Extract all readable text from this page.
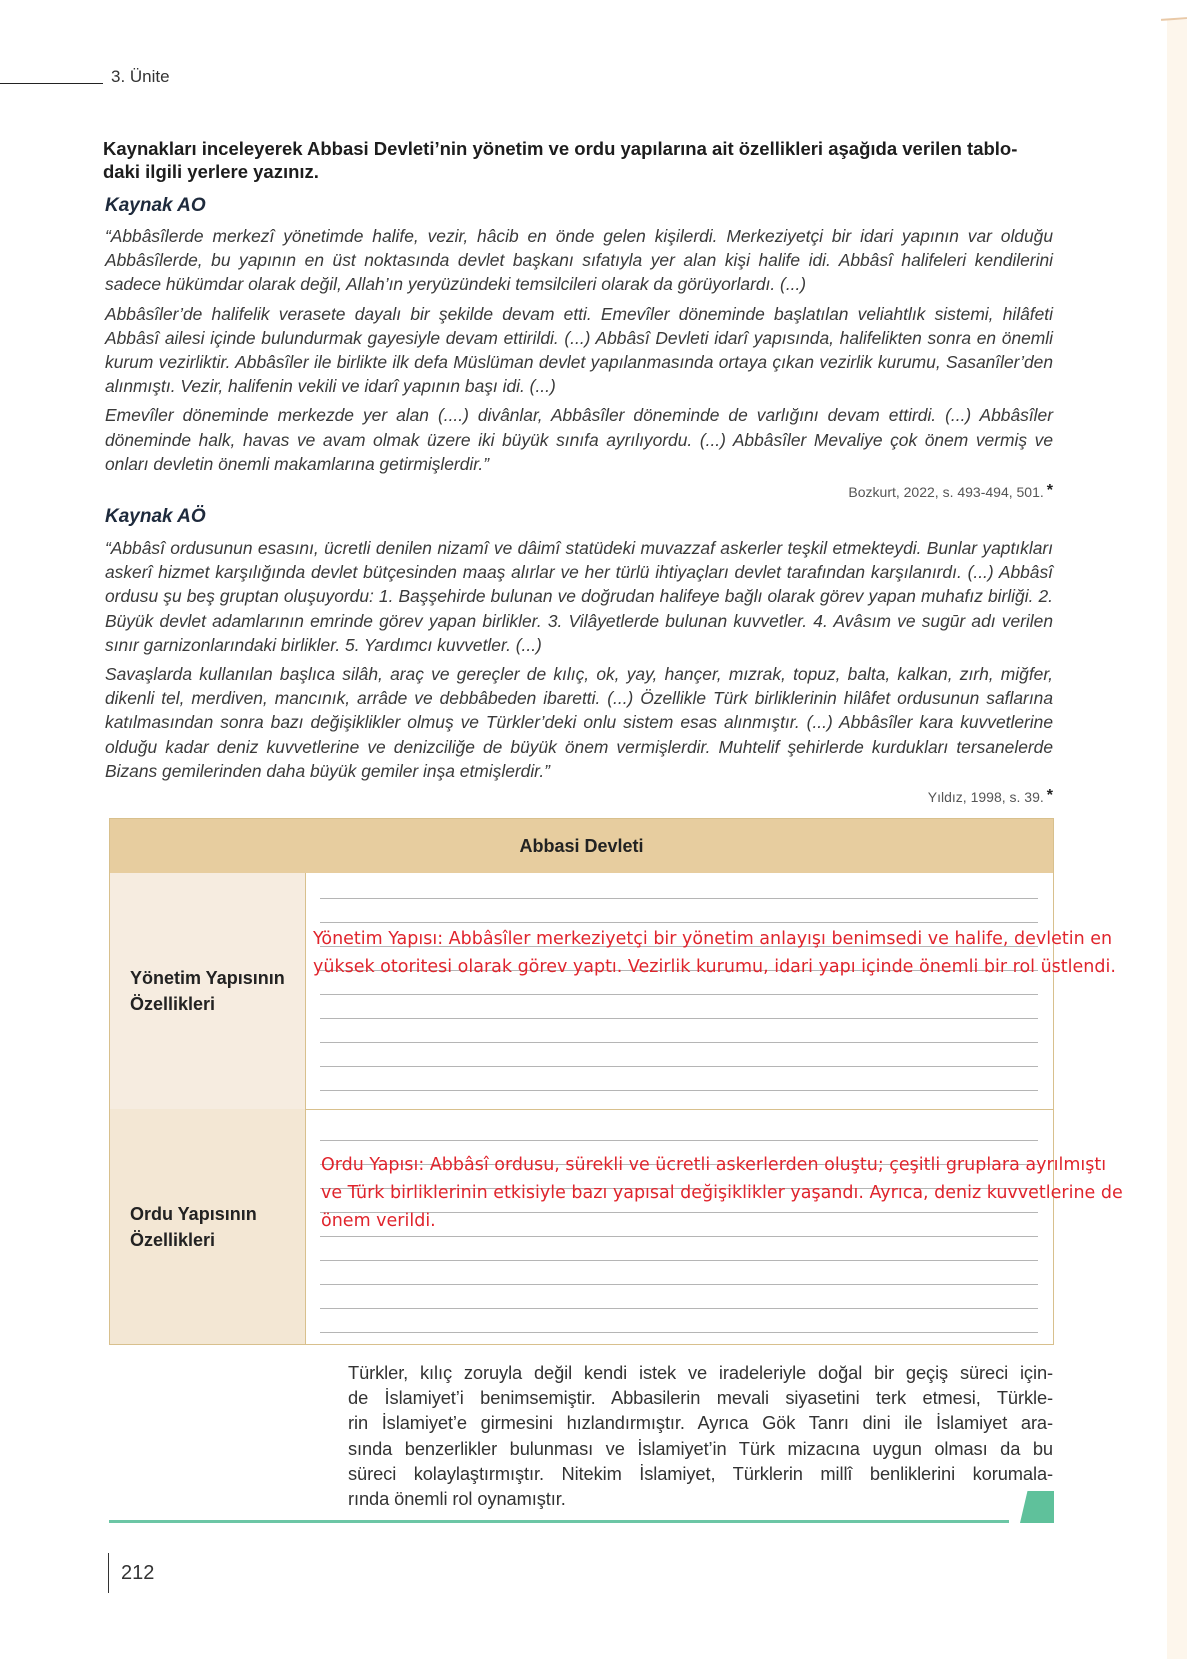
3. Ünite
Kaynakları inceleyerek Abbasi Devleti’nin yönetim ve ordu yapılarına ait özellikleri aşağıda verilen tablo-daki ilgili yerlere yazınız.
Kaynak AO

“Abbâsîlerde merkezî yönetimde halife, vezir, hâcib en önde gelen kişilerdi. Merkeziyetçi bir idari yapının var olduğu Abbâsîlerde, bu yapının en üst noktasında devlet başkanı sıfatıyla yer alan kişi halife idi. Abbâsî halifeleri kendilerini sadece hükümdar olarak değil, Allah’ın yeryüzündeki temsilcileri olarak da görüyorlardı. (...)

Abbâsîler’de halifelik verasete dayalı bir şekilde devam etti. Emevîler döneminde başlatılan veliahtlık sistemi, hilâfeti Abbâsî ailesi içinde bulundurmak gayesiyle devam ettirildi. (...) Abbâsî Devleti idarî yapısında, halifelikten sonra en önemli kurum vezirliktir. Abbâsîler ile birlikte ilk defa Müslüman devlet yapılanmasında ortaya çıkan vezirlik kurumu, Sasanîler’den alınmıştı. Vezir, halifenin vekili ve idarî yapının başı idi. (...)

Emevîler döneminde merkezde yer alan (....) divânlar, Abbâsîler döneminde de varlığını devam ettirdi. (...) Abbâsîler döneminde halk, havas ve avam olmak üzere iki büyük sınıfa ayrılıyordu. (...) Abbâsîler Mevaliye çok önem vermiş ve onları devletin önemli makamlarına getirmişlerdir.”

Bozkurt, 2022, s. 493-494, 501. *
Kaynak AÖ

“Abbâsî ordusunun esasını, ücretli denilen nizamî ve dâimî statüdeki muvazzaf askerler teşkil etmekteydi. Bunlar yaptıkları askerî hizmet karşılığında devlet bütçesinden maaş alırlar ve her türlü ihtiyaçları devlet tarafından karşılanırdı. (...) Abbâsî ordusu şu beş gruptan oluşuyordu: 1. Başşehirde bulunan ve doğrudan halifeye bağlı olarak görev yapan muhafız birliği. 2. Büyük devlet adamlarının emrinde görev yapan birlikler. 3. Vilâyetlerde bulunan kuvvetler. 4. Avâsım ve sugūr adı verilen sınır garnizonlarındaki birlikler. 5. Yardımcı kuvvetler. (...)

Savaşlarda kullanılan başlıca silâh, araç ve gereçler de kılıç, ok, yay, hançer, mızrak, topuz, balta, kalkan, zırh, miğfer, dikenli tel, merdiven, mancınık, arrâde ve debbâbeden ibaretti. (...) Özellikle Türk birliklerinin hilâfet ordusunun saflarına katılmasından sonra bazı değişiklikler olmuş ve Türkler’deki onlu sistem esas alınmıştır. (...) Abbâsîler kara kuvvetlerine olduğu kadar deniz kuvvetlerine ve denizciliğe de büyük önem vermişlerdir. Muhtelif şehirlerde kurdukları tersanelerde Bizans gemilerinden daha büyük gemiler inşa etmişlerdir.”

Yıldız, 1998, s. 39. *
Abbasi Devleti
Yönetim Yapısının
Özellikleri
Yönetim Yapısı: Abbâsîler merkeziyetçi bir yönetim anlayışı benimsedi ve halife, devletin en
yüksek otoritesi olarak görev yaptı. Vezirlik kurumu, idari yapı içinde önemli bir rol üstlendi.
Ordu Yapısının
Özellikleri
Ordu Yapısı: Abbâsî ordusu, sürekli ve ücretli askerlerden oluştu; çeşitli gruplara ayrılmıştı
ve Türk birliklerinin etkisiyle bazı yapısal değişiklikler yaşandı. Ayrıca, deniz kuvvetlerine de
önem verildi.
Türkler, kılıç zoruyla değil kendi istek ve iradeleriyle doğal bir geçiş süreci için-
de İslamiyet’i benimsemiştir. Abbasilerin mevali siyasetini terk etmesi, Türkle-
rin İslamiyet’e girmesini hızlandırmıştır. Ayrıca Gök Tanrı dini ile İslamiyet ara-
sında benzerlikler bulunması ve İslamiyet’in Türk mizacına uygun olması da bu
süreci kolaylaştırmıştır. Nitekim İslamiyet, Türklerin millî benliklerini korumala-
rında önemli rol oynamıştır.
212
